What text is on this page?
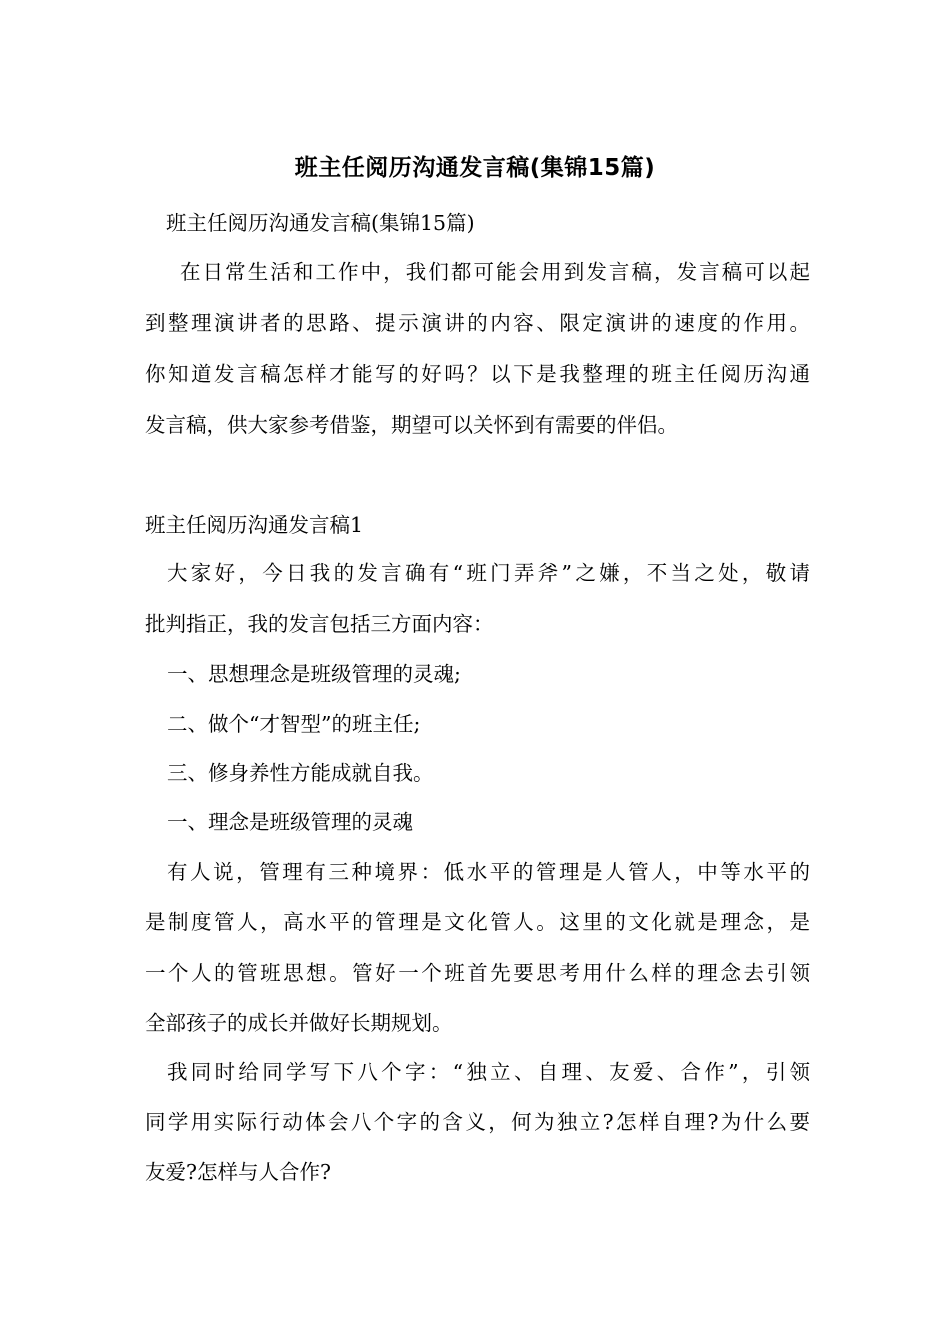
班主任阅历沟通发言稿(集锦15篇)
班主任阅历沟通发言稿(集锦15篇)
在日常生活和工作中，我们都可能会用到发言稿，发言稿可以起
到整理演讲者的思路、提示演讲的内容、限定演讲的速度的作用。
你知道发言稿怎样才能写的好吗？以下是我整理的班主任阅历沟通
发言稿，供大家参考借鉴，期望可以关怀到有需要的伴侣。
班主任阅历沟通发言稿1
大家好，今日我的发言确有“班门弄斧”之嫌，不当之处，敬请
批判指正，我的发言包括三方面内容：
一、思想理念是班级管理的灵魂;
二、做个“才智型”的班主任;
三、修身养性方能成就自我。
一、理念是班级管理的灵魂
有人说，管理有三种境界：低水平的管理是人管人，中等水平的
是制度管人，高水平的管理是文化管人。这里的文化就是理念，是
一个人的管班思想。管好一个班首先要思考用什么样的理念去引领
全部孩子的成长并做好长期规划。
我同时给同学写下八个字：“独立、自理、友爱、合作”，引领
同学用实际行动体会八个字的含义，何为独立?怎样自理?为什么要
友爱?怎样与人合作?
